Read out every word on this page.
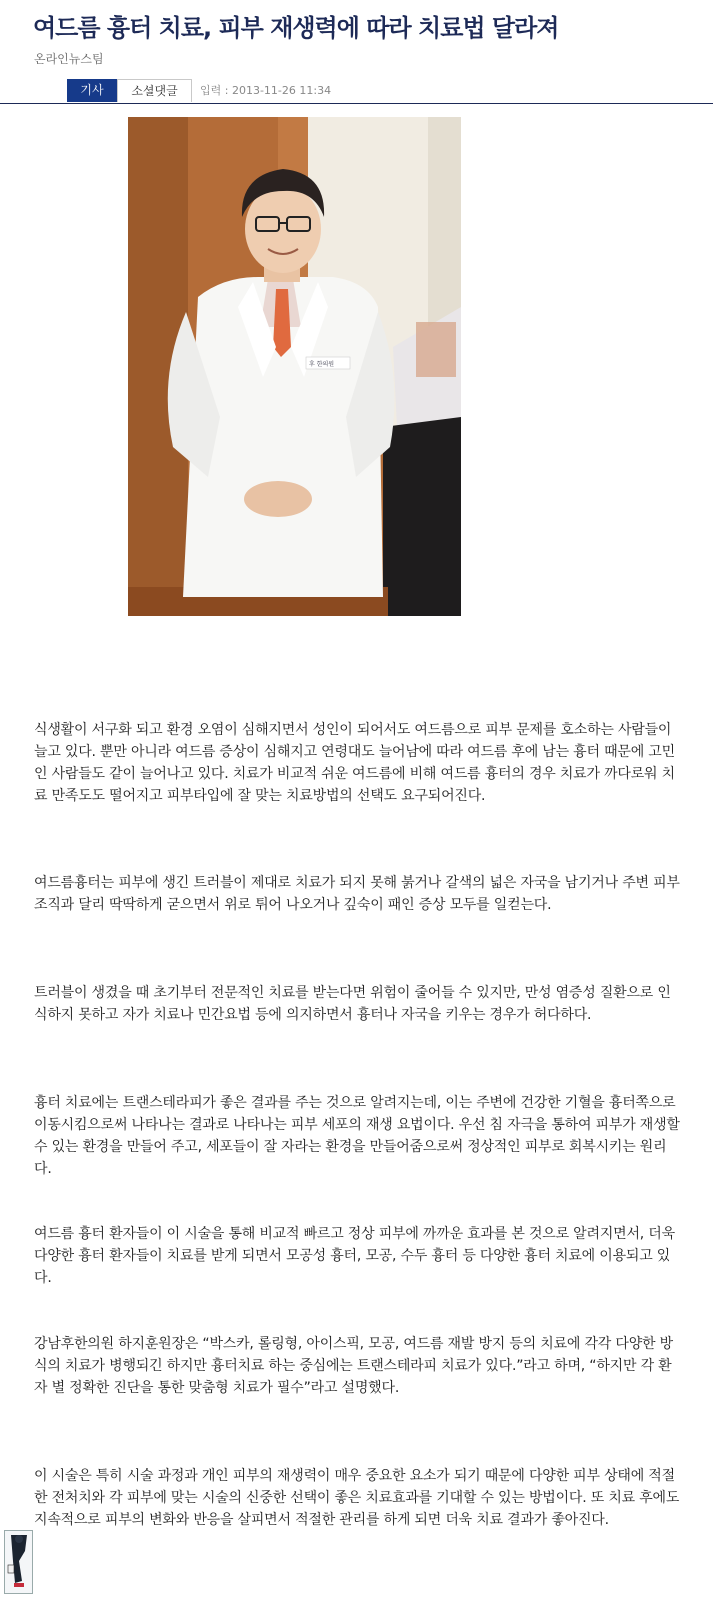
여드름 흉터 치료, 피부 재생력에 따라 치료법 달라져
온라인뉴스팀
기사	소셜댓글	입력 : 2013-11-26 11:34
후 한의원

식생활이 서구화 되고 환경 오염이 심해지면서 성인이 되어서도 여드름으로 피부 문제를 호소하는 사람들이 늘고 있다. 뿐만 아니라 여드름 증상이 심해지고 연령대도 늘어남에 따라 여드름 후에 남는 흉터 때문에 고민인 사람들도 같이 늘어나고 있다. 치료가 비교적 쉬운 여드름에 비해 여드름 흉터의 경우 치료가 까다로워 치료 만족도도 떨어지고 피부타입에 잘 맞는 치료방법의 선택도 요구되어진다.

여드름흉터는 피부에 생긴 트러블이 제대로 치료가 되지 못해 붉거나 갈색의 넓은 자국을 남기거나 주변 피부 조직과 달리 딱딱하게 굳으면서 위로 튀어 나오거나 깊숙이 패인 증상 모두를 일컫는다.

트러블이 생겼을 때 초기부터 전문적인 치료를 받는다면 위험이 줄어들 수 있지만, 만성 염증성 질환으로 인식하지 못하고 자가 치료나 민간요법 등에 의지하면서 흉터나 자국을 키우는 경우가 허다하다.

흉터 치료에는 트랜스테라피가 좋은 결과를 주는 것으로 알려지는데, 이는 주변에 건강한 기혈을 흉터쪽으로 이동시킴으로써 나타나는 결과로 나타나는 피부 세포의 재생 요법이다. 우선 침 자극을 통하여 피부가 재생할 수 있는 환경을 만들어 주고, 세포들이 잘 자라는 환경을 만들어줌으로써 정상적인 피부로 회복시키는 원리다.

여드름 흉터 환자들이 이 시술을 통해 비교적 빠르고 정상 피부에 까까운 효과를 본 것으로 알려지면서, 더욱 다양한 흉터 환자들이 치료를 받게 되면서 모공성 흉터, 모공, 수두 흉터 등 다양한 흉터 치료에 이용되고 있다.

강남후한의원 하지훈원장은 “박스카, 롤링형, 아이스픽, 모공, 여드름 재발 방지 등의 치료에 각각 다양한 방식의 치료가 병행되긴 하지만 흉터치료 하는 중심에는 트랜스테라피 치료가 있다.”라고 하며, “하지만 각 환자 별 정확한 진단을 통한 맞춤형 치료가 필수”라고 설명했다.

이 시술은 특히 시술 과정과 개인 피부의 재생력이 매우 중요한 요소가 되기 때문에 다양한 피부 상태에 적절한 전처치와 각 피부에 맞는 시술의 신중한 선택이 좋은 치료효과를 기대할 수 있는 방법이다. 또 치료 후에도 지속적으로 피부의 변화와 반응을 살피면서 적절한 관리를 하게 되면 더욱 치료 결과가 좋아진다.
